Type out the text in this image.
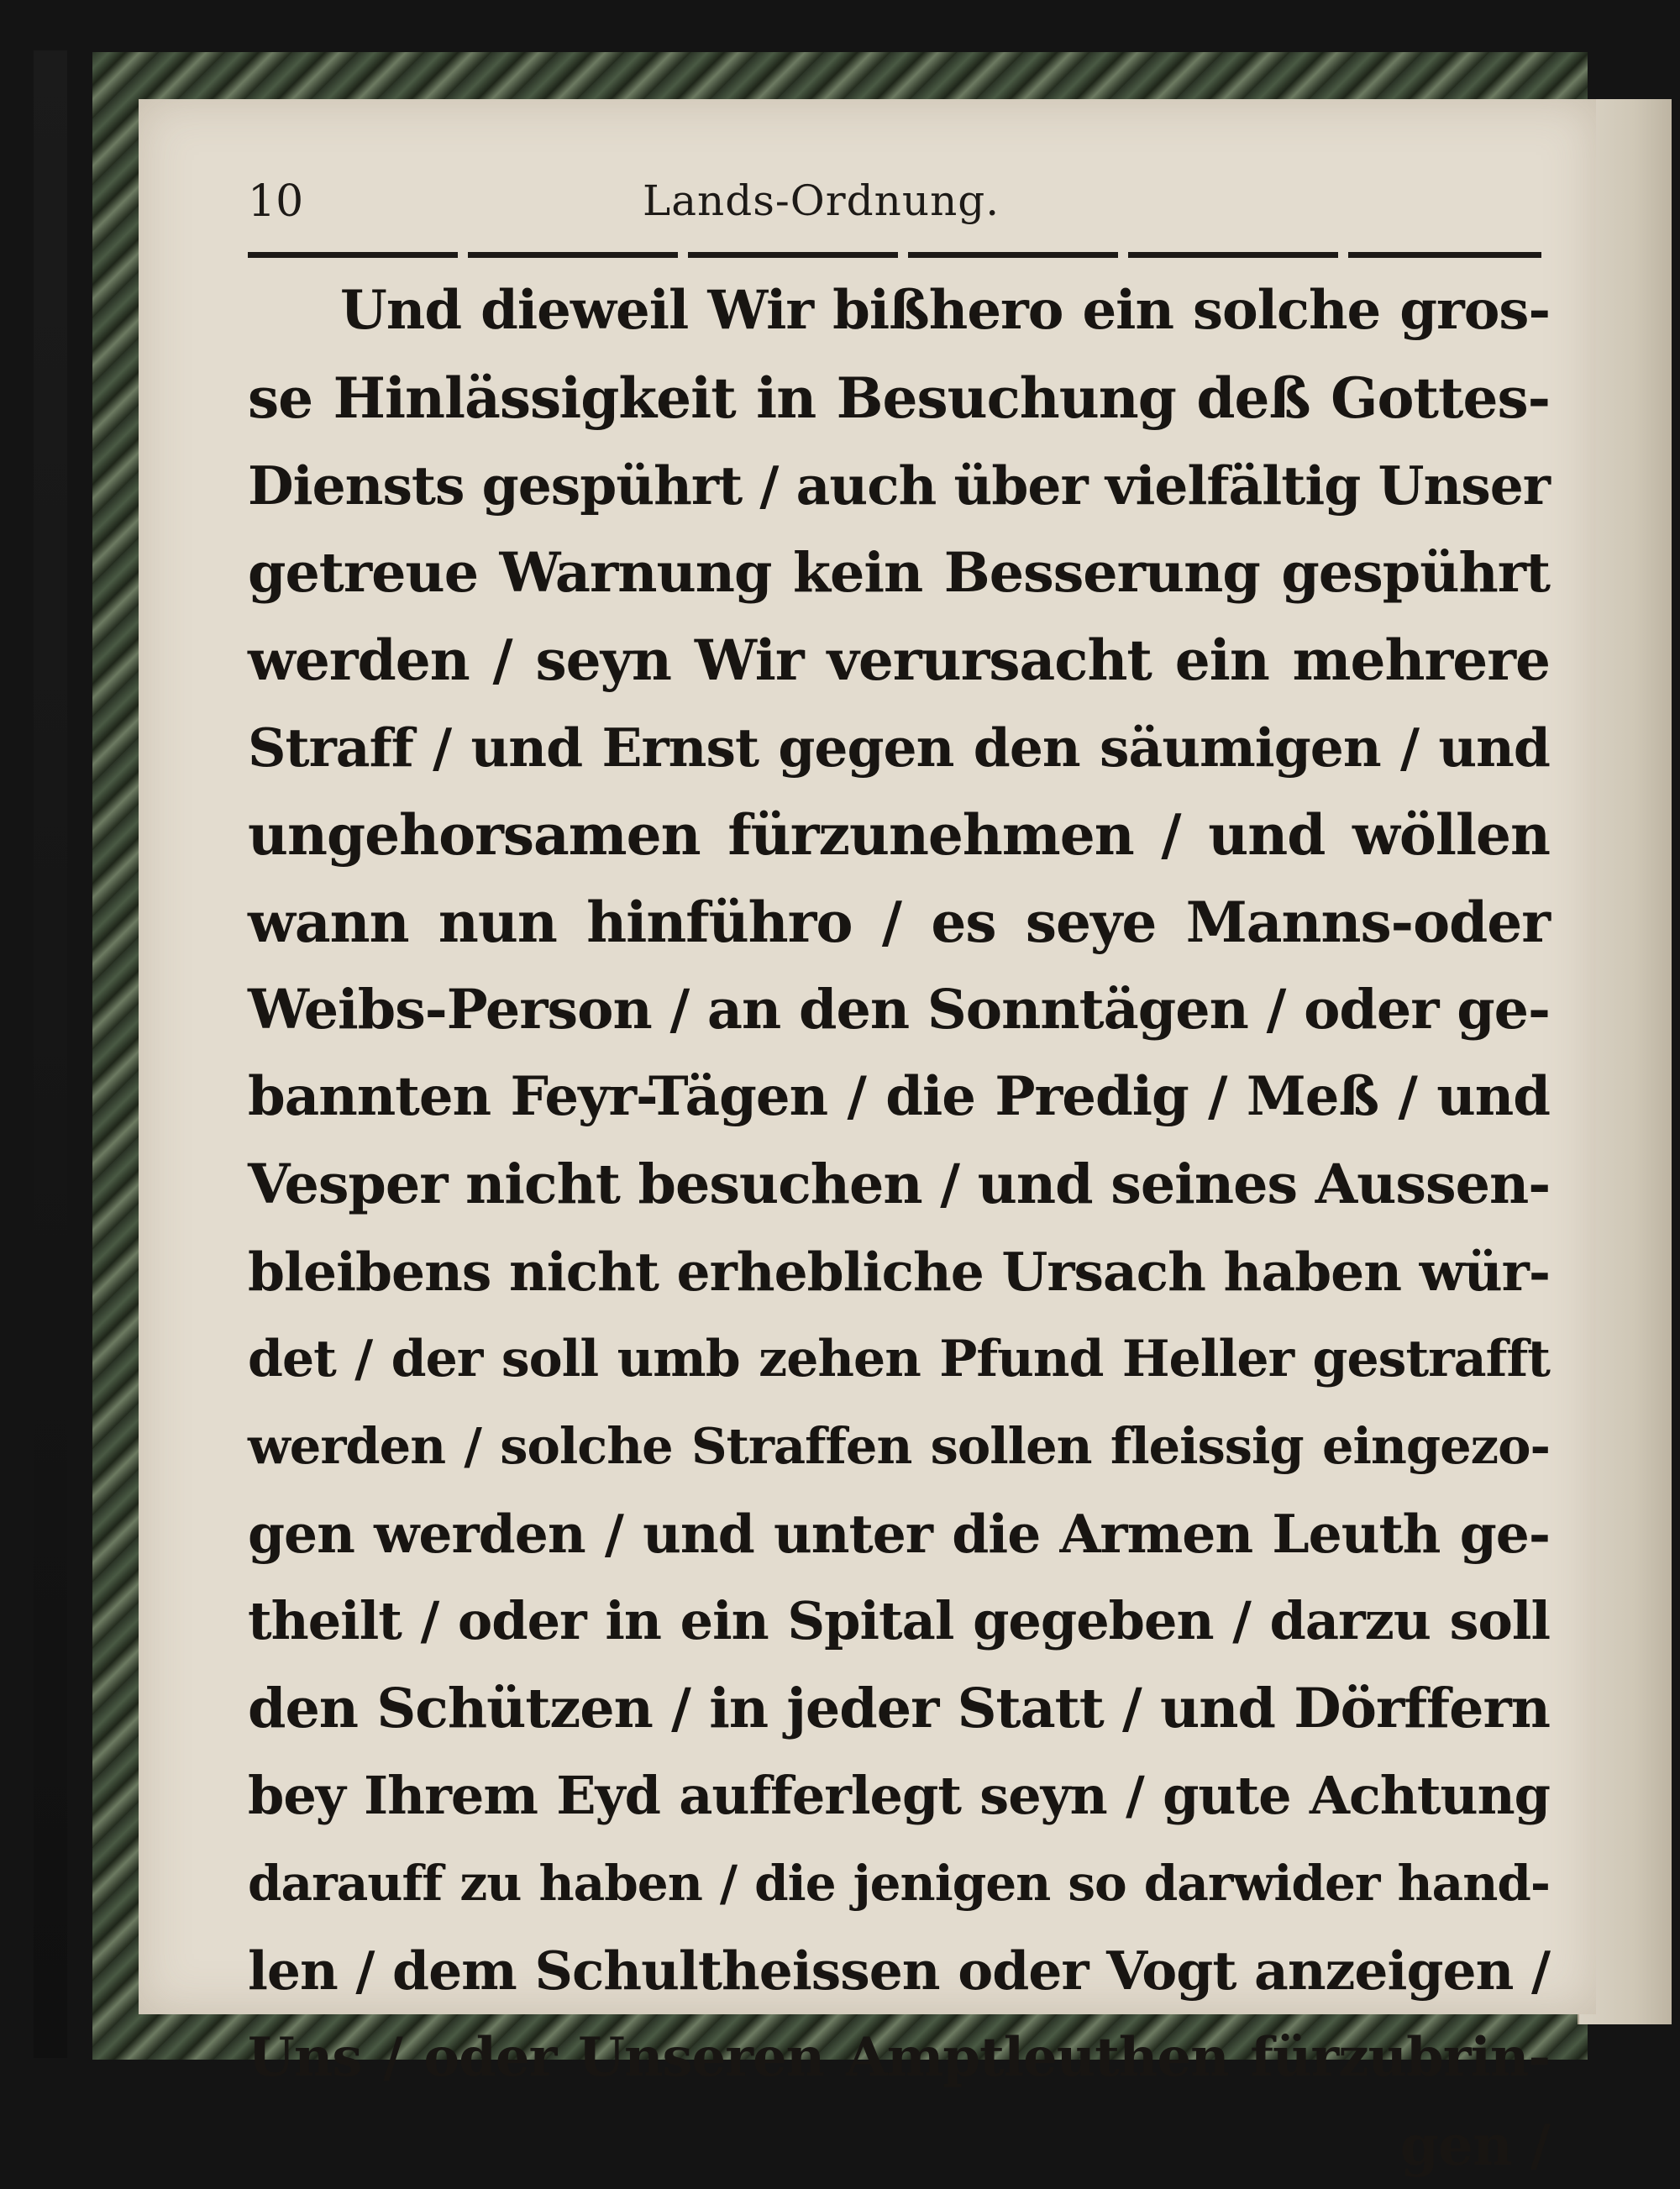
10	Lands-Ordnung.
Und dieweil Wir bißhero ein solche gros-
se Hinlässigkeit in Besuchung deß Gottes-
Diensts gespührt / auch über vielfältig Unser
getreue Warnung kein Besserung gespührt
werden / seyn Wir verursacht ein mehrere
Straff / und Ernst gegen den säumigen / und
ungehorsamen fürzunehmen / und wöllen
wann nun hinführo / es seye Manns-oder
Weibs-Person / an den Sonntägen / oder ge-
bannten Feyr-Tägen / die Predig / Meß / und
Vesper nicht besuchen / und seines Aussen-
bleibens nicht erhebliche Ursach haben wür-
det / der soll umb zehen Pfund Heller gestrafft
werden / solche Straffen sollen fleissig eingezo-
gen werden / und unter die Armen Leuth ge-
theilt / oder in ein Spital gegeben / darzu soll
den Schützen / in jeder Statt / und Dörffern
bey Ihrem Eyd aufferlegt seyn / gute Achtung
darauff zu haben / die jenigen so darwider hand-
len / dem Schultheissen oder Vogt anzeigen /
Uns / oder Unseren Amptleuthen fürzubrin-
gen /
